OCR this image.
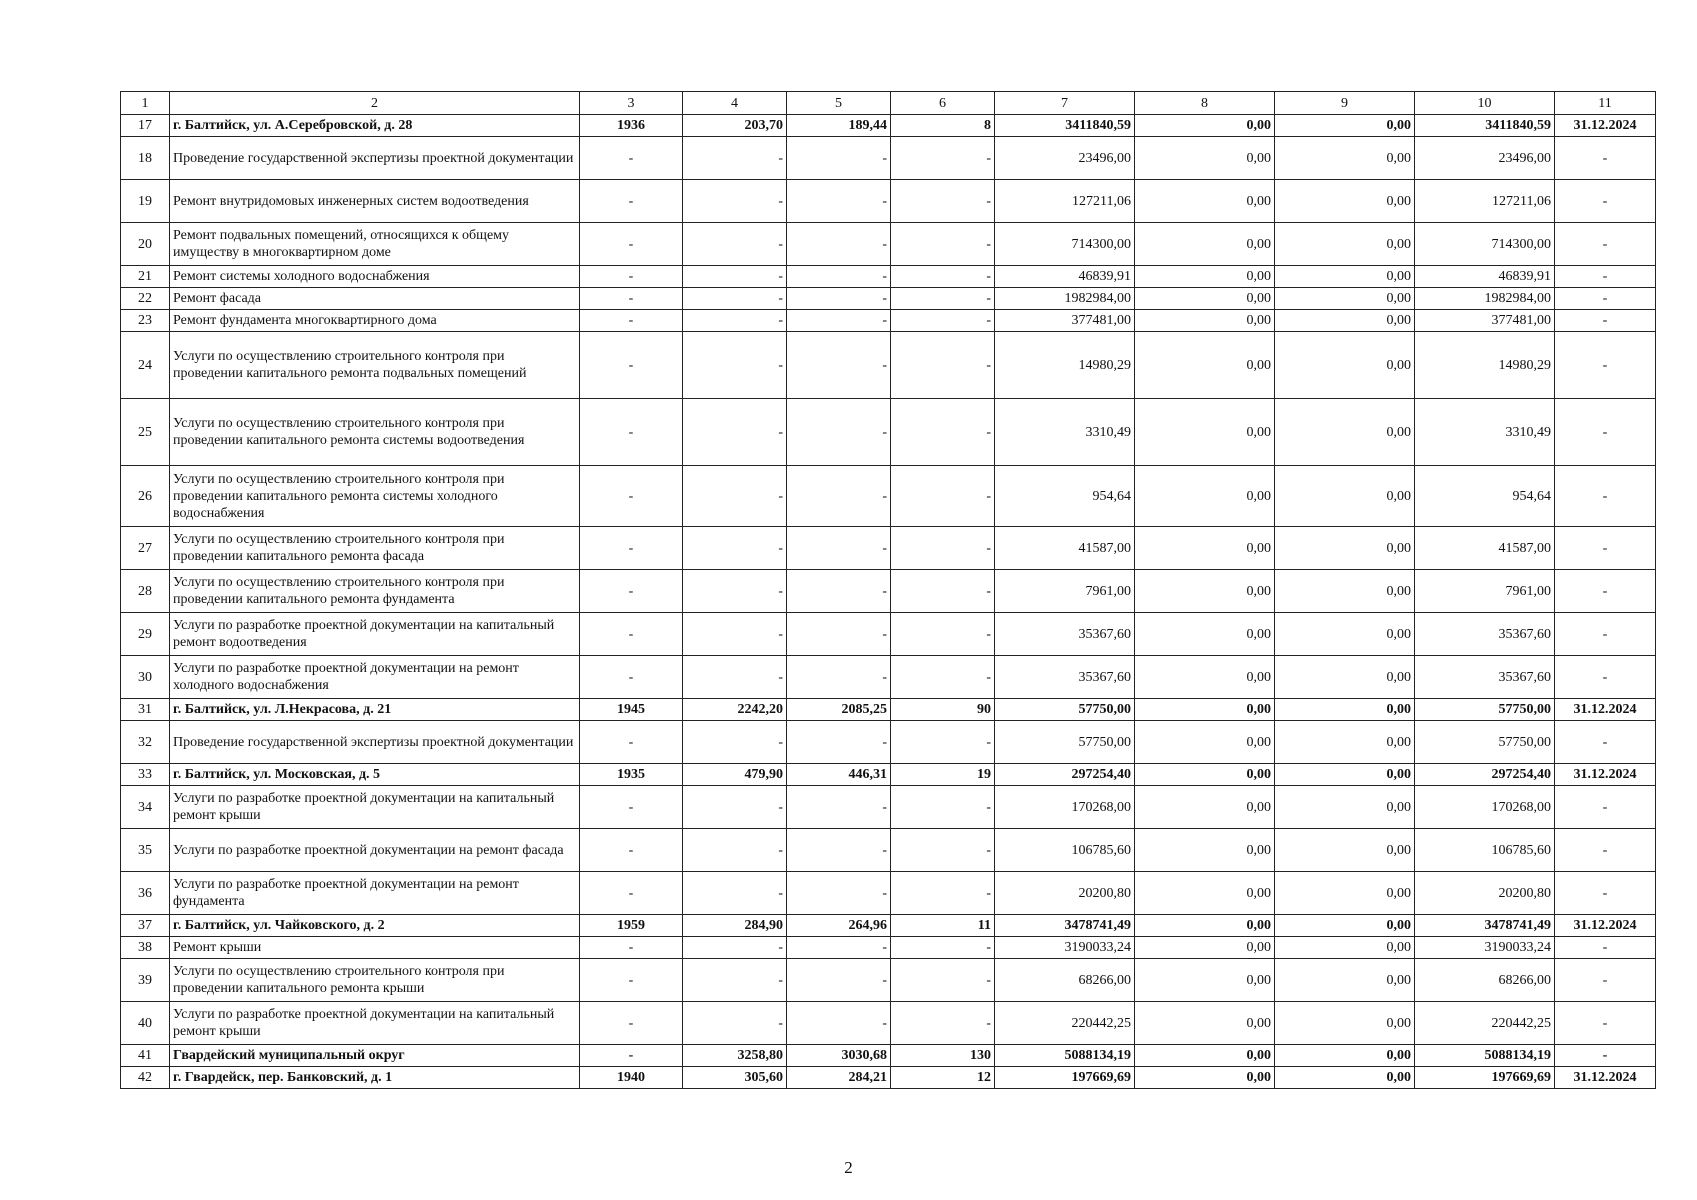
1	2	3	4	5	6	7	8	9	10	11
17	г. Балтийск, ул. А.Серебровской, д. 28	1936	203,70	189,44	8	3411840,59	0,00	0,00	3411840,59	31.12.2024
18	Проведение государственной экспертизы проектной документации	-	-	-	-	23496,00	0,00	0,00	23496,00	-
19	Ремонт внутридомовых инженерных систем водоотведения	-	-	-	-	127211,06	0,00	0,00	127211,06	-
20	Ремонт подвальных помещений, относящихся к общему имуществу в многоквартирном доме	-	-	-	-	714300,00	0,00	0,00	714300,00	-
21	Ремонт системы холодного водоснабжения	-	-	-	-	46839,91	0,00	0,00	46839,91	-
22	Ремонт фасада	-	-	-	-	1982984,00	0,00	0,00	1982984,00	-
23	Ремонт фундамента многоквартирного дома	-	-	-	-	377481,00	0,00	0,00	377481,00	-
24	Услуги по осуществлению строительного контроля при проведении капитального ремонта подвальных помещений	-	-	-	-	14980,29	0,00	0,00	14980,29	-
25	Услуги по осуществлению строительного контроля при проведении капитального ремонта системы водоотведения	-	-	-	-	3310,49	0,00	0,00	3310,49	-
26	Услуги по осуществлению строительного контроля при проведении капитального ремонта системы холодного водоснабжения	-	-	-	-	954,64	0,00	0,00	954,64	-
27	Услуги по осуществлению строительного контроля при проведении капитального ремонта фасада	-	-	-	-	41587,00	0,00	0,00	41587,00	-
28	Услуги по осуществлению строительного контроля при проведении капитального ремонта фундамента	-	-	-	-	7961,00	0,00	0,00	7961,00	-
29	Услуги по разработке проектной документации на капитальный ремонт водоотведения	-	-	-	-	35367,60	0,00	0,00	35367,60	-
30	Услуги по разработке проектной документации на ремонт холодного водоснабжения	-	-	-	-	35367,60	0,00	0,00	35367,60	-
31	г. Балтийск, ул. Л.Некрасова, д. 21	1945	2242,20	2085,25	90	57750,00	0,00	0,00	57750,00	31.12.2024
32	Проведение государственной экспертизы проектной документации	-	-	-	-	57750,00	0,00	0,00	57750,00	-
33	г. Балтийск, ул. Московская, д. 5	1935	479,90	446,31	19	297254,40	0,00	0,00	297254,40	31.12.2024
34	Услуги по разработке проектной документации на капитальный ремонт крыши	-	-	-	-	170268,00	0,00	0,00	170268,00	-
35	Услуги по разработке проектной документации на ремонт фасада	-	-	-	-	106785,60	0,00	0,00	106785,60	-
36	Услуги по разработке проектной документации на ремонт фундамента	-	-	-	-	20200,80	0,00	0,00	20200,80	-
37	г. Балтийск, ул. Чайковского, д. 2	1959	284,90	264,96	11	3478741,49	0,00	0,00	3478741,49	31.12.2024
38	Ремонт крыши	-	-	-	-	3190033,24	0,00	0,00	3190033,24	-
39	Услуги по осуществлению строительного контроля при проведении капитального ремонта крыши	-	-	-	-	68266,00	0,00	0,00	68266,00	-
40	Услуги по разработке проектной документации на капитальный ремонт крыши	-	-	-	-	220442,25	0,00	0,00	220442,25	-
41	Гвардейский муниципальный округ	-	3258,80	3030,68	130	5088134,19	0,00	0,00	5088134,19	-
42	г. Гвардейск, пер. Банковский, д. 1	1940	305,60	284,21	12	197669,69	0,00	0,00	197669,69	31.12.2024
2
